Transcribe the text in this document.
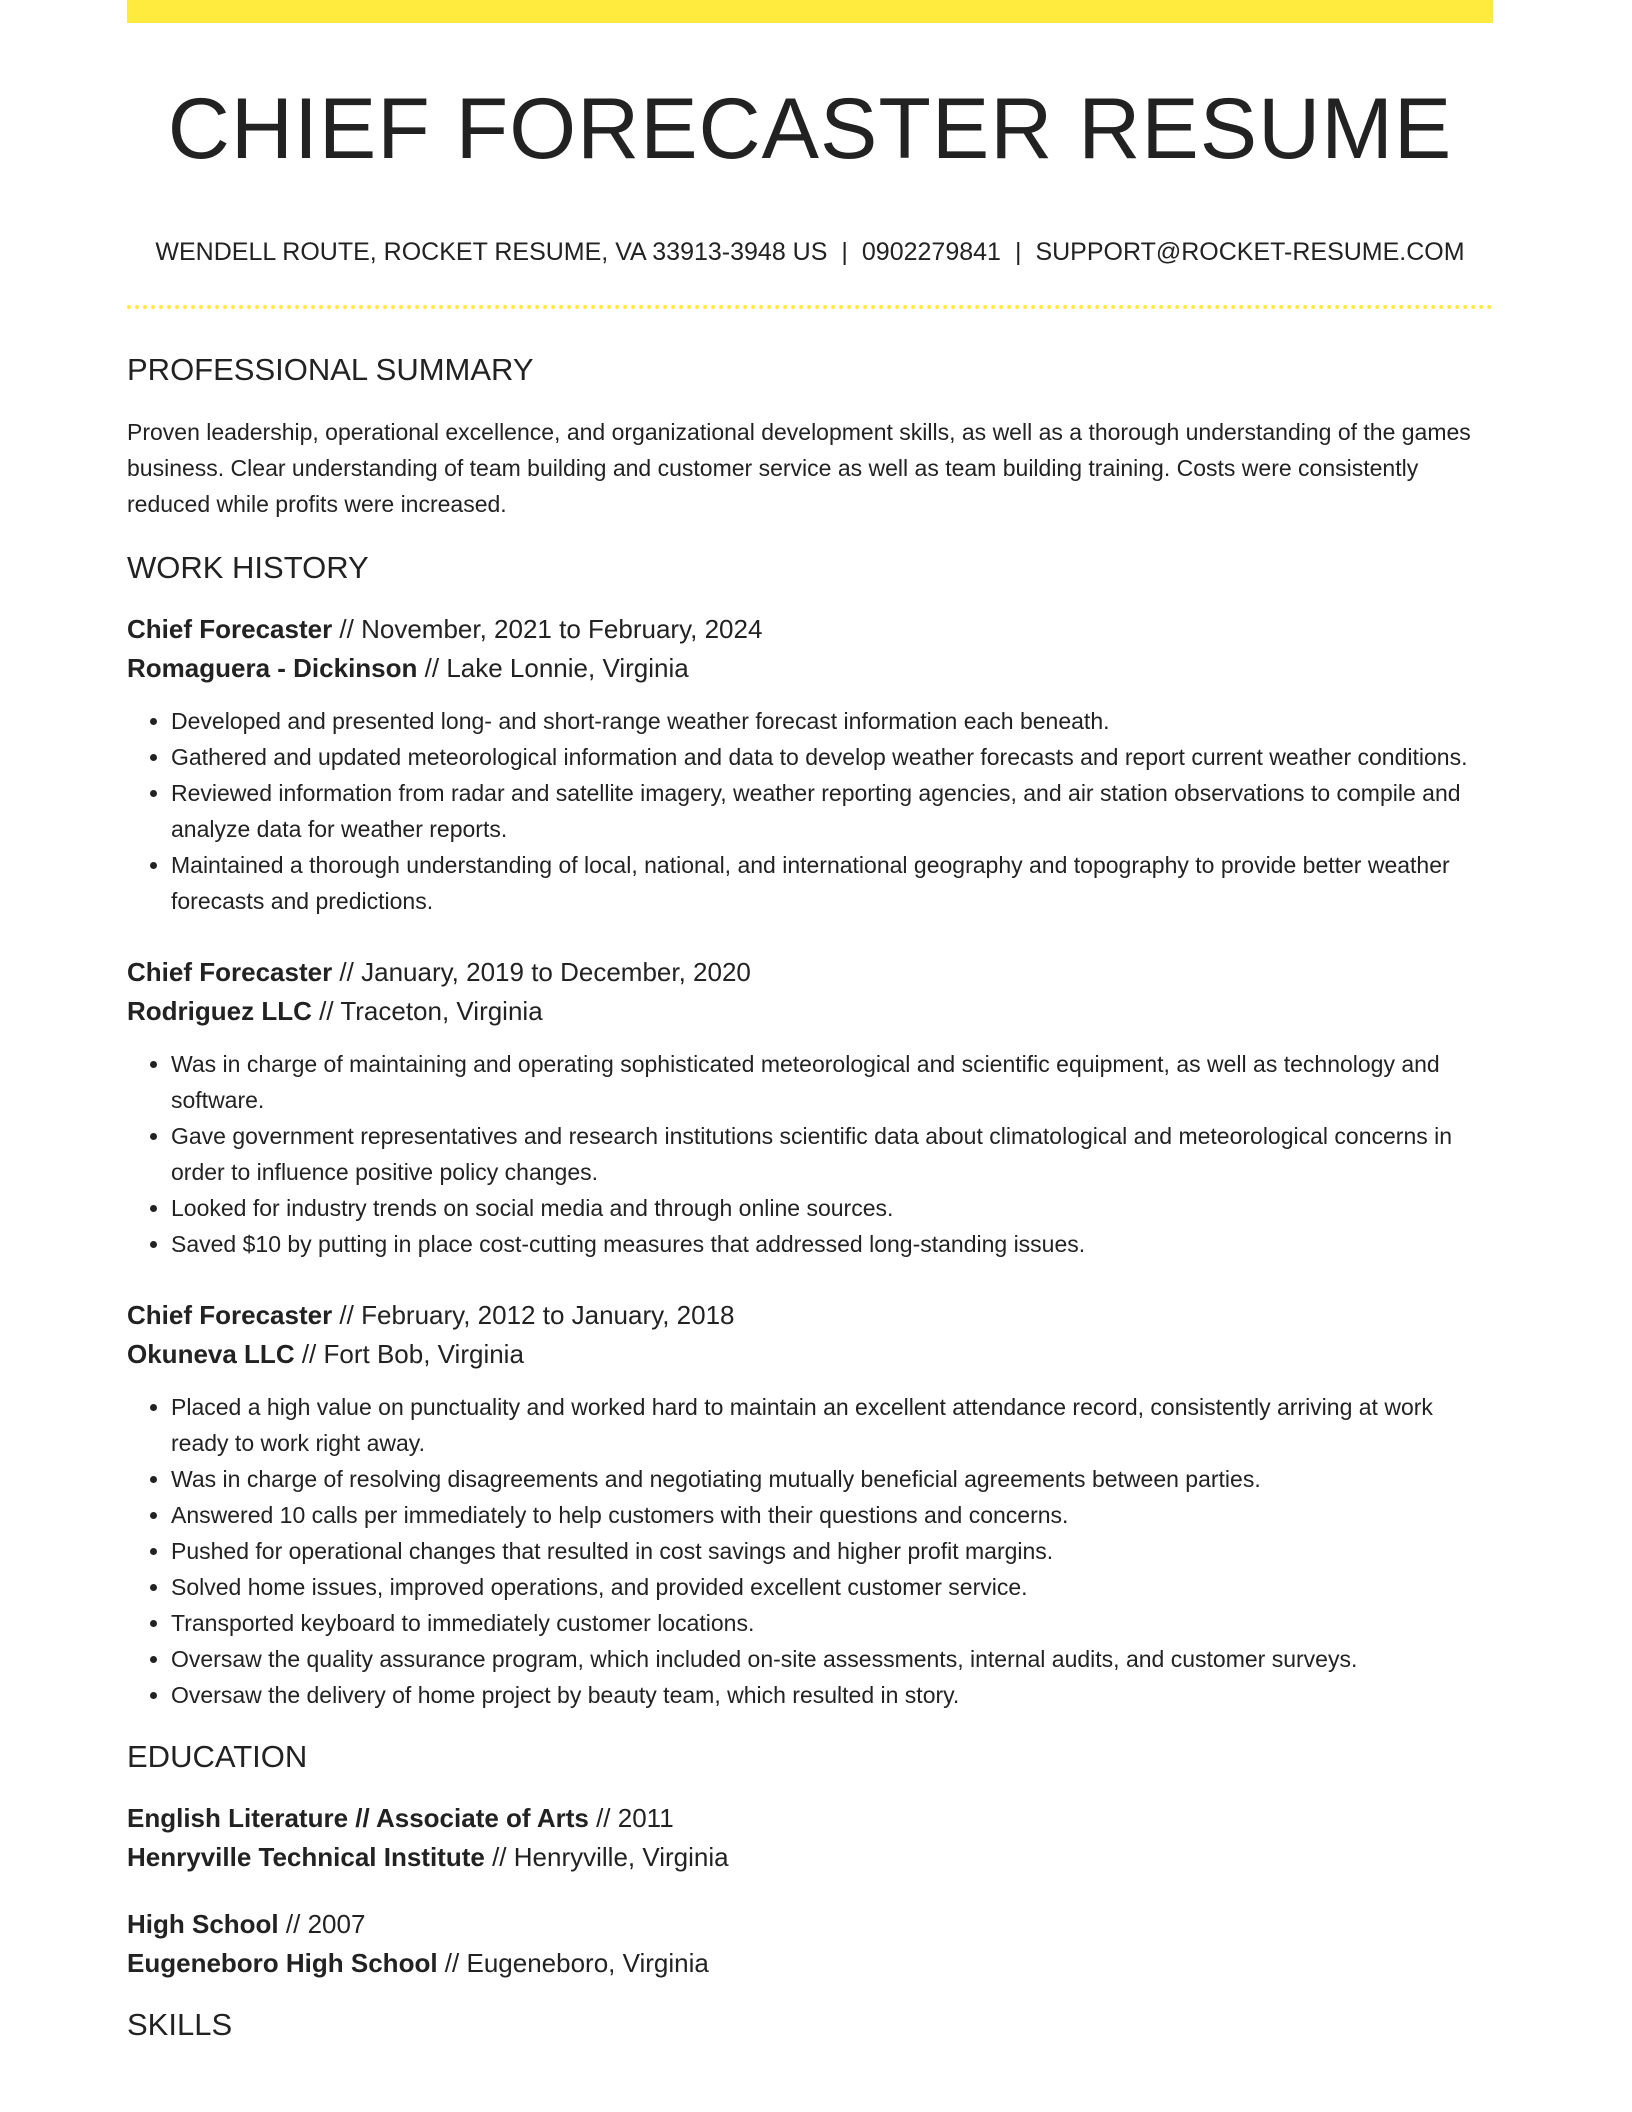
CHIEF FORECASTER RESUME
WENDELL ROUTE, ROCKET RESUME, VA 33913-3948 US | 0902279841 | SUPPORT@ROCKET-RESUME.COM
PROFESSIONAL SUMMARY

Proven leadership, operational excellence, and organizational development skills, as well as a thorough understanding of the games business. Clear understanding of team building and customer service as well as team building training. Costs were consistently reduced while profits were increased.

WORK HISTORY
Chief Forecaster // November, 2021 to February, 2024
Romaguera - Dickinson // Lake Lonnie, Virginia
• Developed and presented long- and short-range weather forecast information each beneath.
• Gathered and updated meteorological information and data to develop weather forecasts and report current weather conditions.
• Reviewed information from radar and satellite imagery, weather reporting agencies, and air station observations to compile and analyze data for weather reports.
• Maintained a thorough understanding of local, national, and international geography and topography to provide better weather forecasts and predictions.
Chief Forecaster // January, 2019 to December, 2020
Rodriguez LLC // Traceton, Virginia
• Was in charge of maintaining and operating sophisticated meteorological and scientific equipment, as well as technology and software.
• Gave government representatives and research institutions scientific data about climatological and meteorological concerns in order to influence positive policy changes.
• Looked for industry trends on social media and through online sources.
• Saved $10 by putting in place cost-cutting measures that addressed long-standing issues.
Chief Forecaster // February, 2012 to January, 2018
Okuneva LLC // Fort Bob, Virginia
• Placed a high value on punctuality and worked hard to maintain an excellent attendance record, consistently arriving at work ready to work right away.
• Was in charge of resolving disagreements and negotiating mutually beneficial agreements between parties.
• Answered 10 calls per immediately to help customers with their questions and concerns.
• Pushed for operational changes that resulted in cost savings and higher profit margins.
• Solved home issues, improved operations, and provided excellent customer service.
• Transported keyboard to immediately customer locations.
• Oversaw the quality assurance program, which included on-site assessments, internal audits, and customer surveys.
• Oversaw the delivery of home project by beauty team, which resulted in story.
EDUCATION
English Literature // Associate of Arts // 2011
Henryville Technical Institute // Henryville, Virginia
High School // 2007
Eugeneboro High School // Eugeneboro, Virginia
SKILLS
